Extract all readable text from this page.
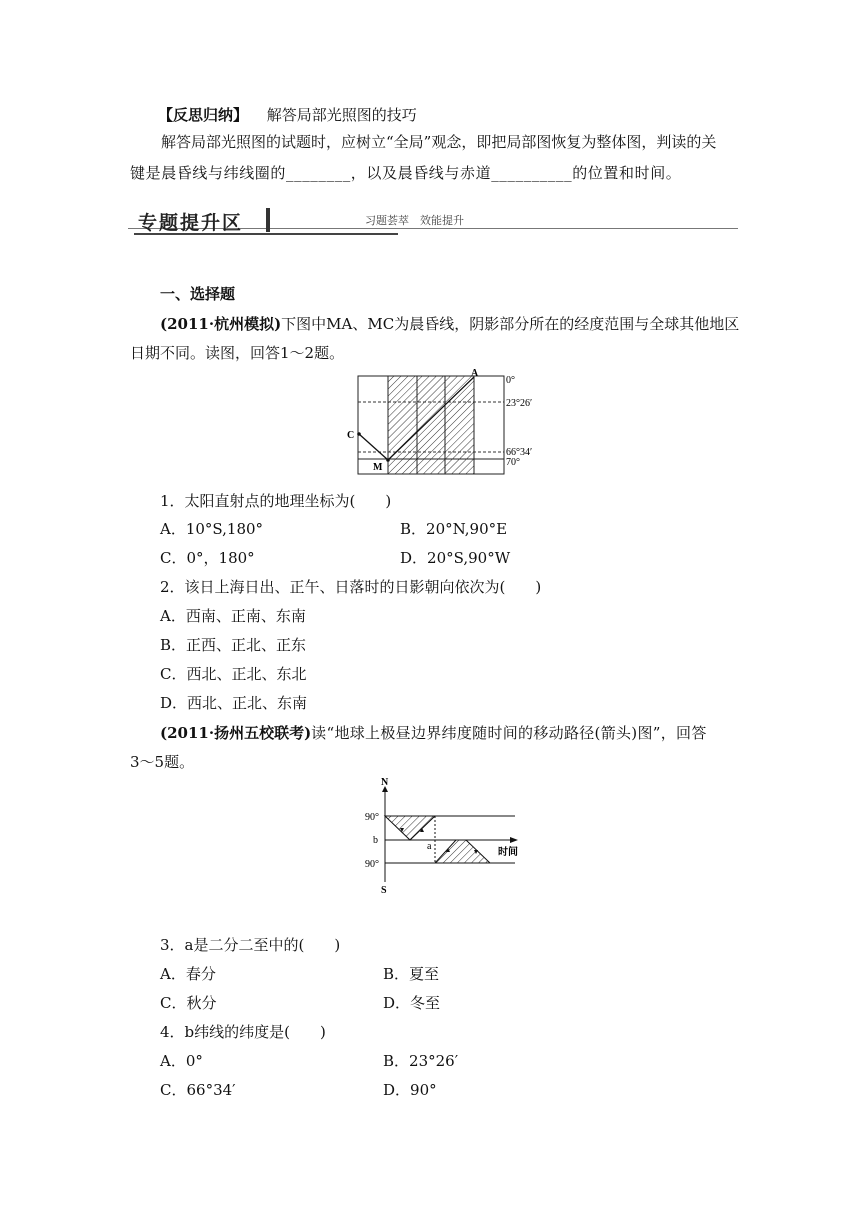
【反思归纳】 解答局部光照图的技巧
解答局部光照图的试题时，应树立“全局”观念，即把局部图恢复为整体图，判读的关
键是晨昏线与纬线圈的________，以及晨昏线与赤道__________的位置和时间。
专题提升区	习题荟萃　效能提升
一、选择题
(2011·杭州模拟)下图中MA、MC为晨昏线，阴影部分所在的经度范围与全球其他地区
日期不同。读图，回答1～2题。
A
C
M
0°
23°26′
66°34′
70°
1．太阳直射点的地理坐标为(　　)
A．10°S,180°	B．20°N,90°E
C．0°，180°	D．20°S,90°W
2．该日上海日出、正午、日落时的日影朝向依次为(　　)
A．西南、正南、东南
B．正西、正北、正东
C．西北、正北、东北
D．西北、正北、东南
(2011·扬州五校联考)读“地球上极昼边界纬度随时间的移动路径(箭头)图”，回答
3～5题。
N
90°
b
90°
a
时间
S
3．a是二分二至中的(　　)
A．春分	B．夏至
C．秋分	D．冬至
4．b纬线的纬度是(　　)
A．0°	B．23°26′
C．66°34′	D．90°
